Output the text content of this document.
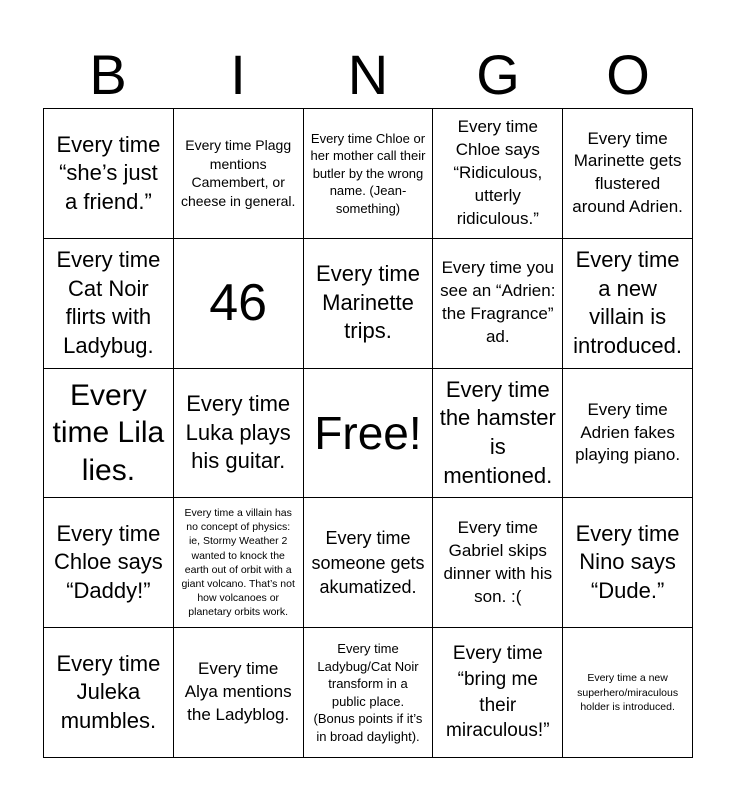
B	I	N	G	O
Every time “she’s just a friend.”
Every time Plagg mentions Camembert, or cheese in general.
Every time Chloe or her mother call their butler by the wrong name. (Jean-something)
Every time Chloe says “Ridiculous, utterly ridiculous.”
Every time Marinette gets flustered around Adrien.
Every time Cat Noir flirts with Ladybug.
46 Every time Marinette trips.
Every time you see an “Adrien: the Fragrance” ad.
Every time a new villain is introduced.
Every time Lila lies.
Every time Luka plays his guitar.
Free!
Every time the hamster is mentioned.
Every time Adrien fakes playing piano.
Every time Chloe says “Daddy!”
Every time a villain has no concept of physics: ie, Stormy Weather 2 wanted to knock the earth out of orbit with a giant volcano. That’s not how volcanoes or planetary orbits work.
Every time someone gets akumatized.
Every time Gabriel skips dinner with his son. :(
Every time Nino says “Dude.”
Every time Juleka mumbles.
Every time Alya mentions the Ladyblog.
Every time Ladybug/Cat Noir transform in a public place. (Bonus points if it’s in broad daylight).
Every time “bring me their miraculous!”
Every time a new superhero/miraculous holder is introduced.
